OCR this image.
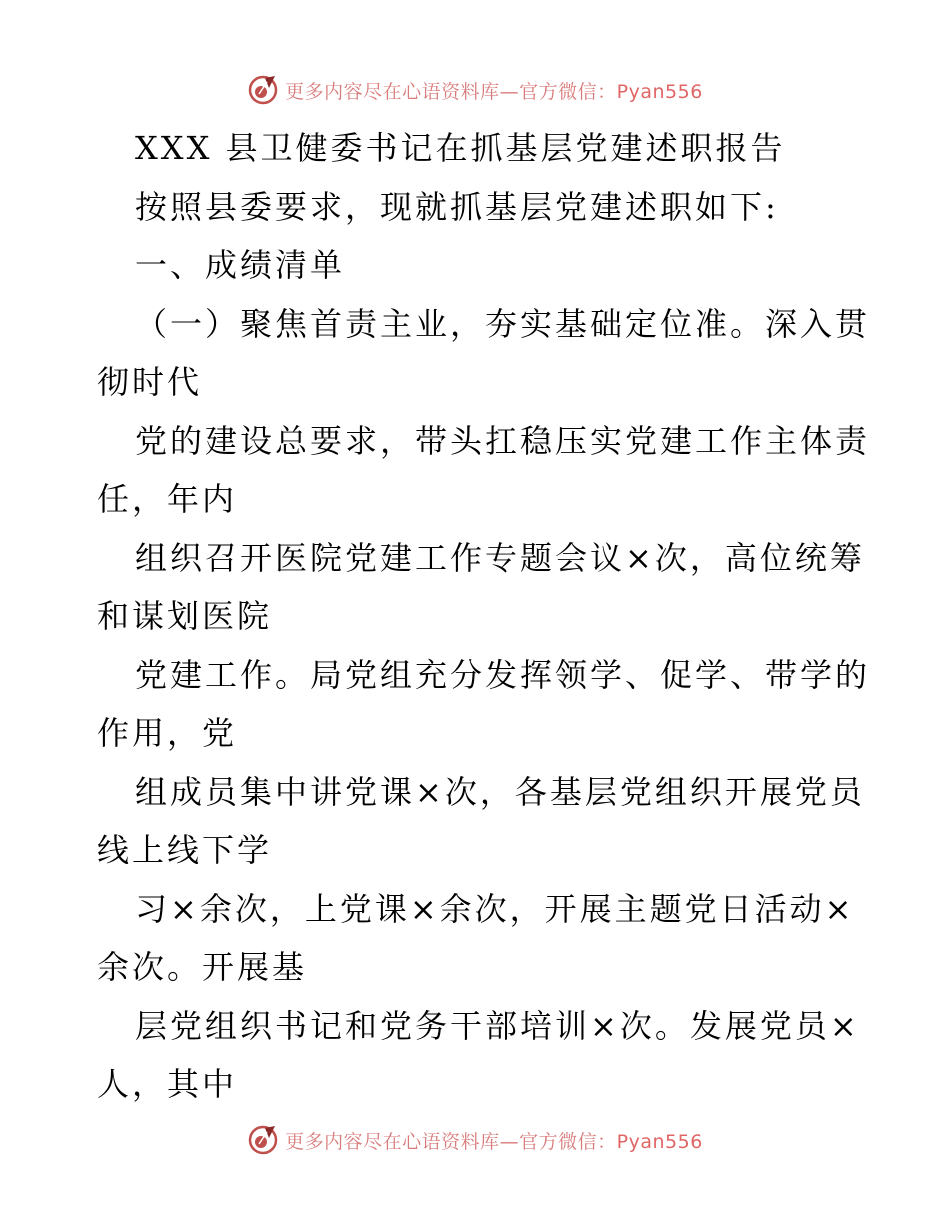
更多内容尽在心语资料库—官方微信：Pyan556
XXX 县卫健委书记在抓基层党建述职报告
按照县委要求，现就抓基层党建述职如下:
一、成绩清单
（一）聚焦首责主业，夯实基础定位准。深入贯
彻时代
党的建设总要求，带头扛稳压实党建工作主体责
任，年内
组织召开医院党建工作专题会议×次，高位统筹
和谋划医院
党建工作。局党组充分发挥领学、促学、带学的
作用，党
组成员集中讲党课×次，各基层党组织开展党员
线上线下学
习×余次，上党课×余次，开展主题党日活动×
余次。开展基
层党组织书记和党务干部培训×次。发展党员×
人，其中
更多内容尽在心语资料库—官方微信：Pyan556
